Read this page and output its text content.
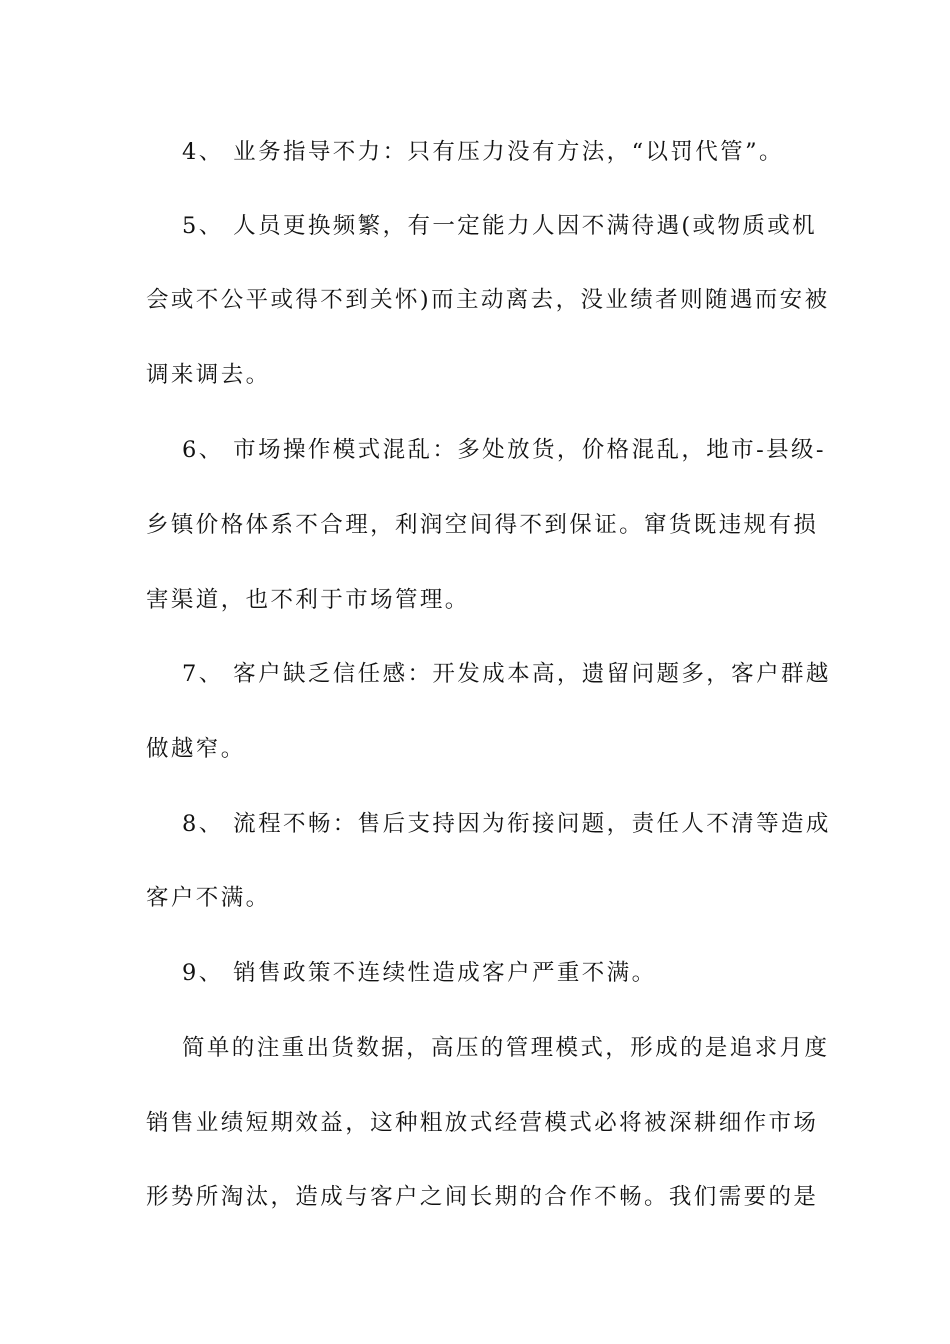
4、 业务指导不力：只有压力没有方法，“以罚代管”。
5、 人员更换频繁，有一定能力人因不满待遇(或物质或机
会或不公平或得不到关怀)而主动离去，没业绩者则随遇而安被
调来调去。
6、 市场操作模式混乱：多处放货，价格混乱，地市-县级-
乡镇价格体系不合理，利润空间得不到保证。窜货既违规有损
害渠道，也不利于市场管理。
7、 客户缺乏信任感：开发成本高，遗留问题多，客户群越
做越窄。
8、 流程不畅：售后支持因为衔接问题，责任人不清等造成
客户不满。
9、 销售政策不连续性造成客户严重不满。
简单的注重出货数据，高压的管理模式，形成的是追求月度
销售业绩短期效益，这种粗放式经营模式必将被深耕细作市场
形势所淘汰，造成与客户之间长期的合作不畅。我们需要的是
